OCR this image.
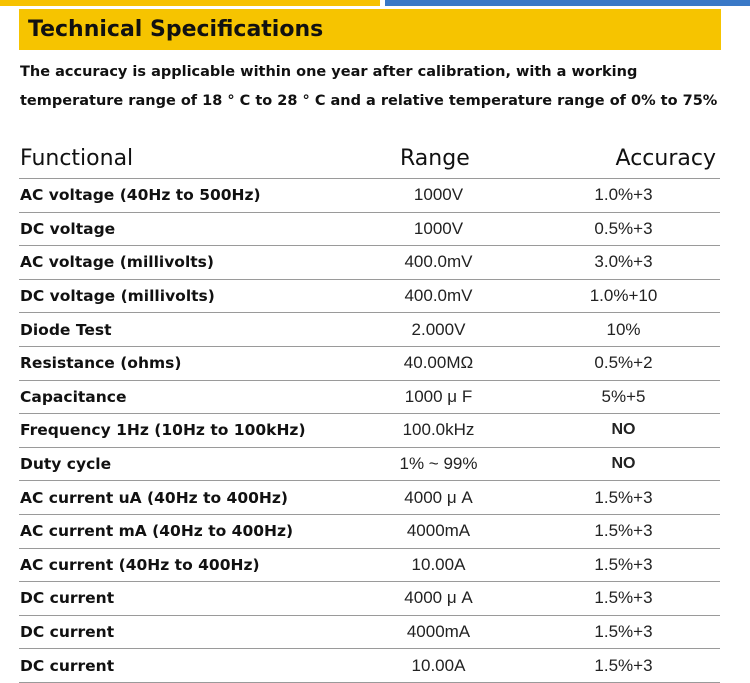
Technical Specifications
The accuracy is applicable within one year after calibration, with a working temperature range of 18 ° C to 28 ° C and a relative temperature range of 0% to 75%
Functional	Range	Accuracy
AC voltage (40Hz to 500Hz)	1000V	1.0%+3
DC voltage	1000V	0.5%+3
AC voltage (millivolts)	400.0mV	3.0%+3
DC voltage (millivolts)	400.0mV	1.0%+10
Diode Test	2.000V	10%
Resistance (ohms)	40.00MΩ	0.5%+2
Capacitance	1000 μ F	5%+5
Frequency 1Hz (10Hz to 100kHz)	100.0kHz	NO
Duty cycle	1% ~ 99%	NO
AC current uA (40Hz to 400Hz)	4000 μ A	1.5%+3
AC current mA (40Hz to 400Hz)	4000mA	1.5%+3
AC current (40Hz to 400Hz)	10.00A	1.5%+3
DC current	4000 μ A	1.5%+3
DC current	4000mA	1.5%+3
DC current	10.00A	1.5%+3
